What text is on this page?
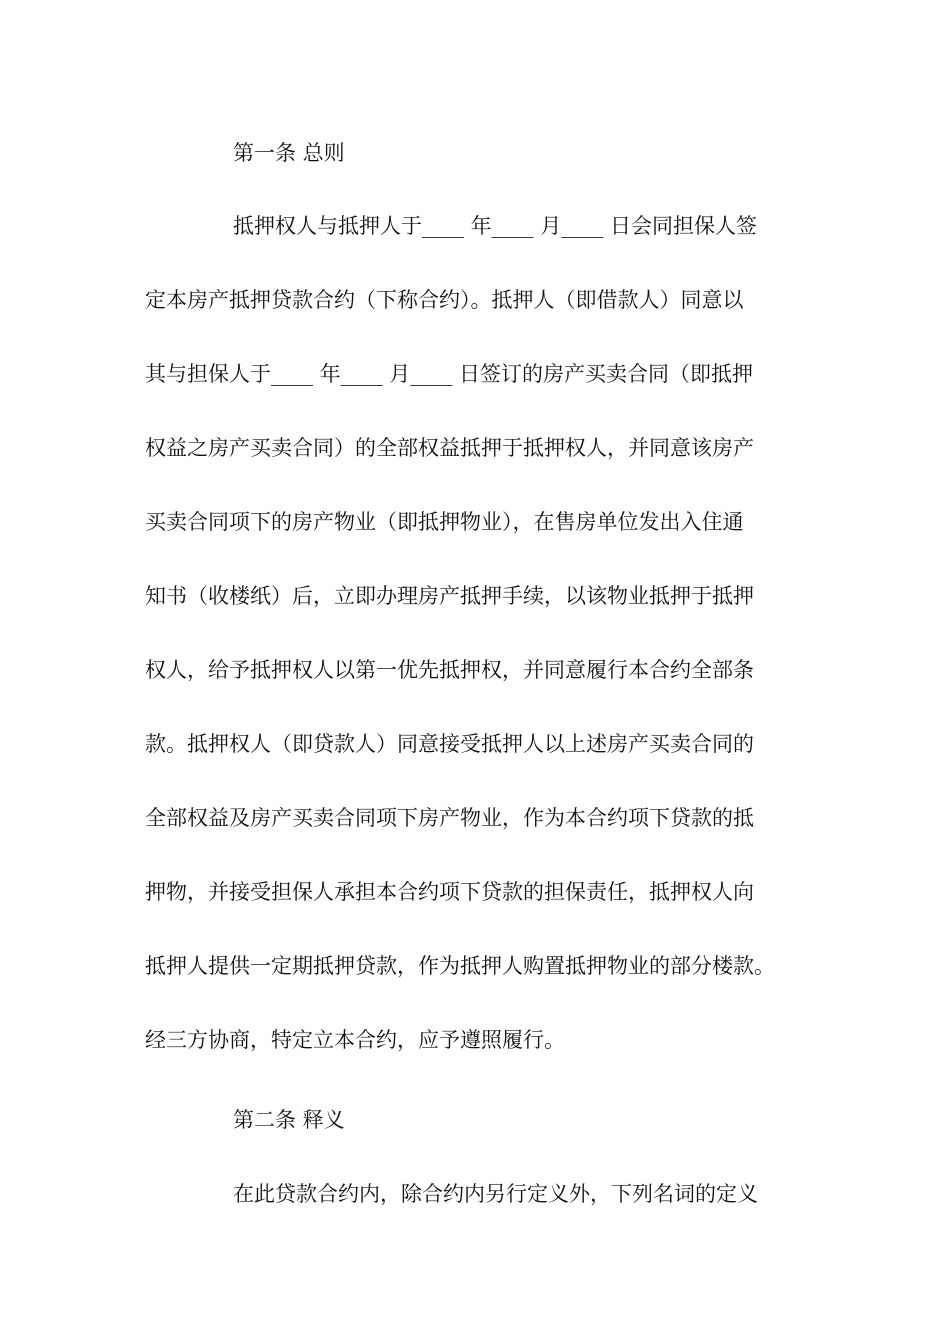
第一条 总则
抵押权人与抵押人于____ 年____ 月____ 日会同担保人签
定本房产抵押贷款合约（下称合约）。抵押人（即借款人）同意以
其与担保人于____ 年____ 月____ 日签订的房产买卖合同（即抵押
权益之房产买卖合同）的全部权益抵押于抵押权人，并同意该房产
买卖合同项下的房产物业（即抵押物业），在售房单位发出入住通
知书（收楼纸）后，立即办理房产抵押手续，以该物业抵押于抵押
权人，给予抵押权人以第一优先抵押权，并同意履行本合约全部条
款。抵押权人（即贷款人）同意接受抵押人以上述房产买卖合同的
全部权益及房产买卖合同项下房产物业，作为本合约项下贷款的抵
押物，并接受担保人承担本合约项下贷款的担保责任，抵押权人向
抵押人提供一定期抵押贷款，作为抵押人购置抵押物业的部分楼款。
经三方协商，特定立本合约，应予遵照履行。
第二条 释义
在此贷款合约内，除合约内另行定义外，下列名词的定义
